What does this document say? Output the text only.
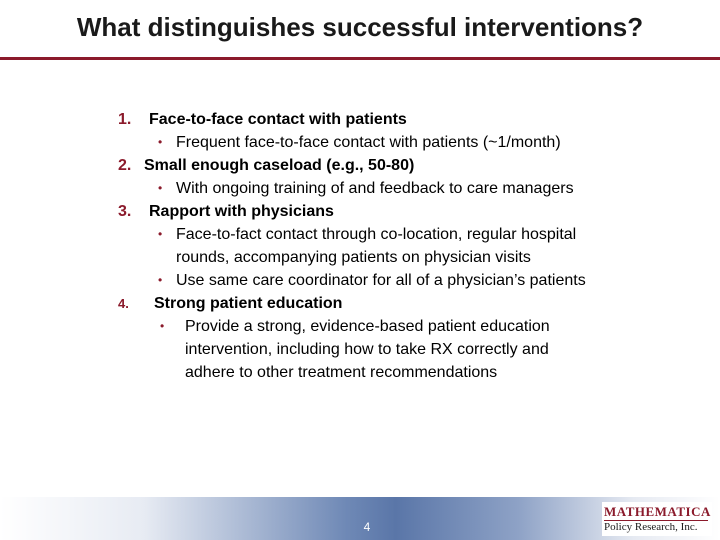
What distinguishes successful interventions?
1. Face-to-face contact with patients
• Frequent face-to-face contact with patients (~1/month)
2. Small enough caseload (e.g., 50-80)
• With ongoing training of and feedback to care managers
3. Rapport with physicians
• Face-to-fact contact through co-location, regular hospital
rounds, accompanying patients on physician visits
• Use same care coordinator for all of a physician’s patients
4. Strong patient education
• Provide a strong, evidence-based patient education
intervention, including how to take RX correctly and
adhere to other treatment recommendations
4
MATHEMATICA
Policy Research, Inc.
